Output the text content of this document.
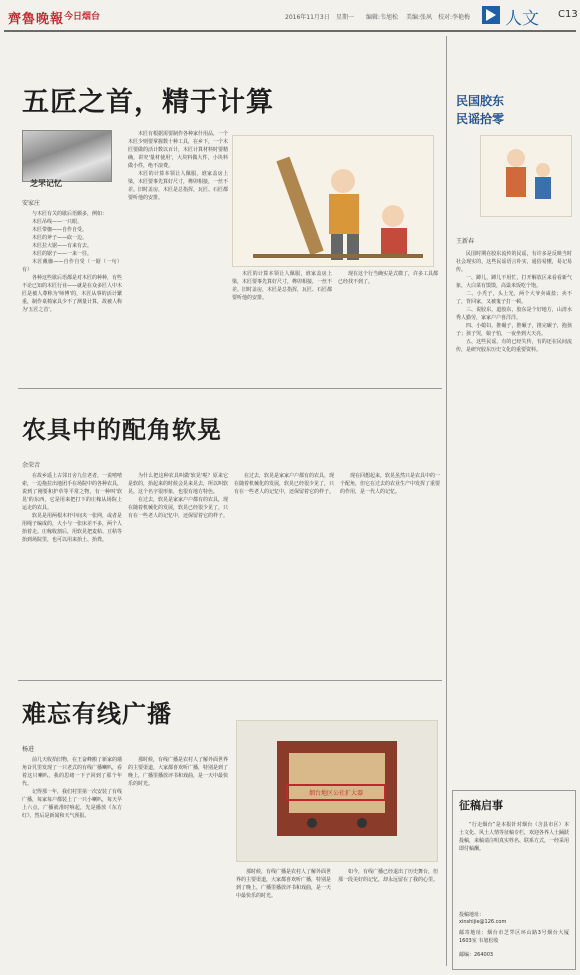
齊魯晚報 今日烟台	2016年11月3日 星期一 编辑:韦旭松 美编:张夙 校对:李艳梅 人文 C13
五匠之首，精于计算
芝罘记忆
安家庄

与木匠有关的歇后语颇多，例如：

木匠吊线——一只眼。

木匠带枷——自作自受。

木匠的斧子——砍一边。

木匠拉大锯——有来有去。

木匠的锯子——一来一往。

木匠戴枷——自作自受（一锯（一句）有）

各种这些歇后语都是对木匠的种种，有些不论已知的木匠行业——就是在众多匠人中木匠是被人尊称为'师傅'的，木匠从事的活计繁重，制作桌椅家具少不了测量计算，故被人称为'五匠之首'。

木匠有根据需要制作各种家什用品，一个木匠少则要掌握数十种工具，在乡下，一个木匠要做的活计数以百计，木匠计算材料时要精确，讲究'量材使用'，大块料做大件，小块料做小件，绝不浪费。

木匠的计算本领让人佩服，谁家盖房上梁，木匠要事先算好尺寸，榫卯相接，一丝不差。旧时盖房，木匠是总指挥，瓦匠、石匠都要听他的安排。

木匠的计算本领让人佩服，谁家盖房上梁，木匠要事先算好尺寸，榫卯相接，一丝不差。旧时盖房，木匠是总指挥，瓦匠、石匠都要听他的安排。

现在这个行当确实是式微了，许多工具都已经找不到了。

农具中的配角软晃
余荣音

在故乡遥上古邻日舍九位老者，一说嘻嘻索，一边拖拉出地团手在场院中的各种农具，说到了刚要和护草等平常之物，有一种叫'软晃'的东西，它是用来把打下的庄稼从场院上运走的农具。

软晃是用两根木杆中间夹一张网，或者是用绳子编成的，大小与一张床差不多，两个人抬着走。庄稼收割后，用软晃把麦秸、豆秸等抬到场院里，也可以用来抬土、抬粪。

为什么把这种农具叫做'软晃'呢？原来它是软的，抬起来的时候会晃来晃去，所以叫软晃。这个名字很形象，也很有地方特色。

在过去，软晃是家家户户都有的农具，现在随着机械化的发展，软晃已经很少见了，只有在一些老人的记忆中，还保留着它的样子。

在过去，软晃是家家户户都有的农具，现在随着机械化的发展，软晃已经很少见了，只有在一些老人的记忆中，还保留着它的样子。

现在回想起来，软晃虽然只是农具中的一个配角，但它在过去的农业生产中发挥了重要的作用，是一代人的记忆。

难忘有线广播
杨进

前几天收拾旧物，在王奋峰搬了新家的墙角旮旯里发现了一只老式的有线广播喇叭，看着这只喇叭，我的思绪一下子回到了那个年代。

记得那一年，我们村里第一次安装了有线广播，每家每户都装上了一只小喇叭，每天早上六点，广播就准时响起，先是播放《东方红》，然后是新闻和天气预报。

那时候，有线广播是农村人了解外面世界的主要渠道，大家都喜欢听广播，特别是到了晚上，广播里播放评书和戏曲，是一天中最快乐的时光。

烟台地区公社扩大器

那时候，有线广播是农村人了解外面世界的主要渠道，大家都喜欢听广播，特别是到了晚上，广播里播放评书和戏曲，是一天中最快乐的时光。

如今，有线广播已经退出了历史舞台，但那一段美好的记忆，却永远留在了我的心里。

民国胶东
民谣拾零
王新春

民国时期在胶东流传的民谣，有许多是反映当时社会现实的，这些民谣语言朴实，通俗易懂，易记易传。

一、蹲儿，蹲儿不用忙，打开解放区来看看新气象，大白菜有馍馍，高粱米饭吃个饱。

二、小秃子，头上光，两个大爷卖咸盐；卖不了，背回家，又被鬼子打一顿。

三、说胶东，道胶东，胶东是个好地方，山清水秀人勤劳，家家户户喜洋洋。

四、小媳妇，推碾子，推碾子，推完碾子，抱孩子；孩子哭，娘子怕，一夜坐到大天亮。

五、这些民谣，有的已经失传，有的还在民间流传，是研究胶东历史文化的重要资料。

征稿启事

“行走烟台”是本报针对烟台（含县市区）本土文化、风土人情等征稿专栏，欢迎各界人士踊跃投稿，来稿请注明真实姓名、联系方式，一经采用即付稿酬。

投稿地址：
xinshijie@126.com

邮寄地址：烟台市芝罘区环山路3号烟台大厦1603室 韦旭松收

邮编：264003
